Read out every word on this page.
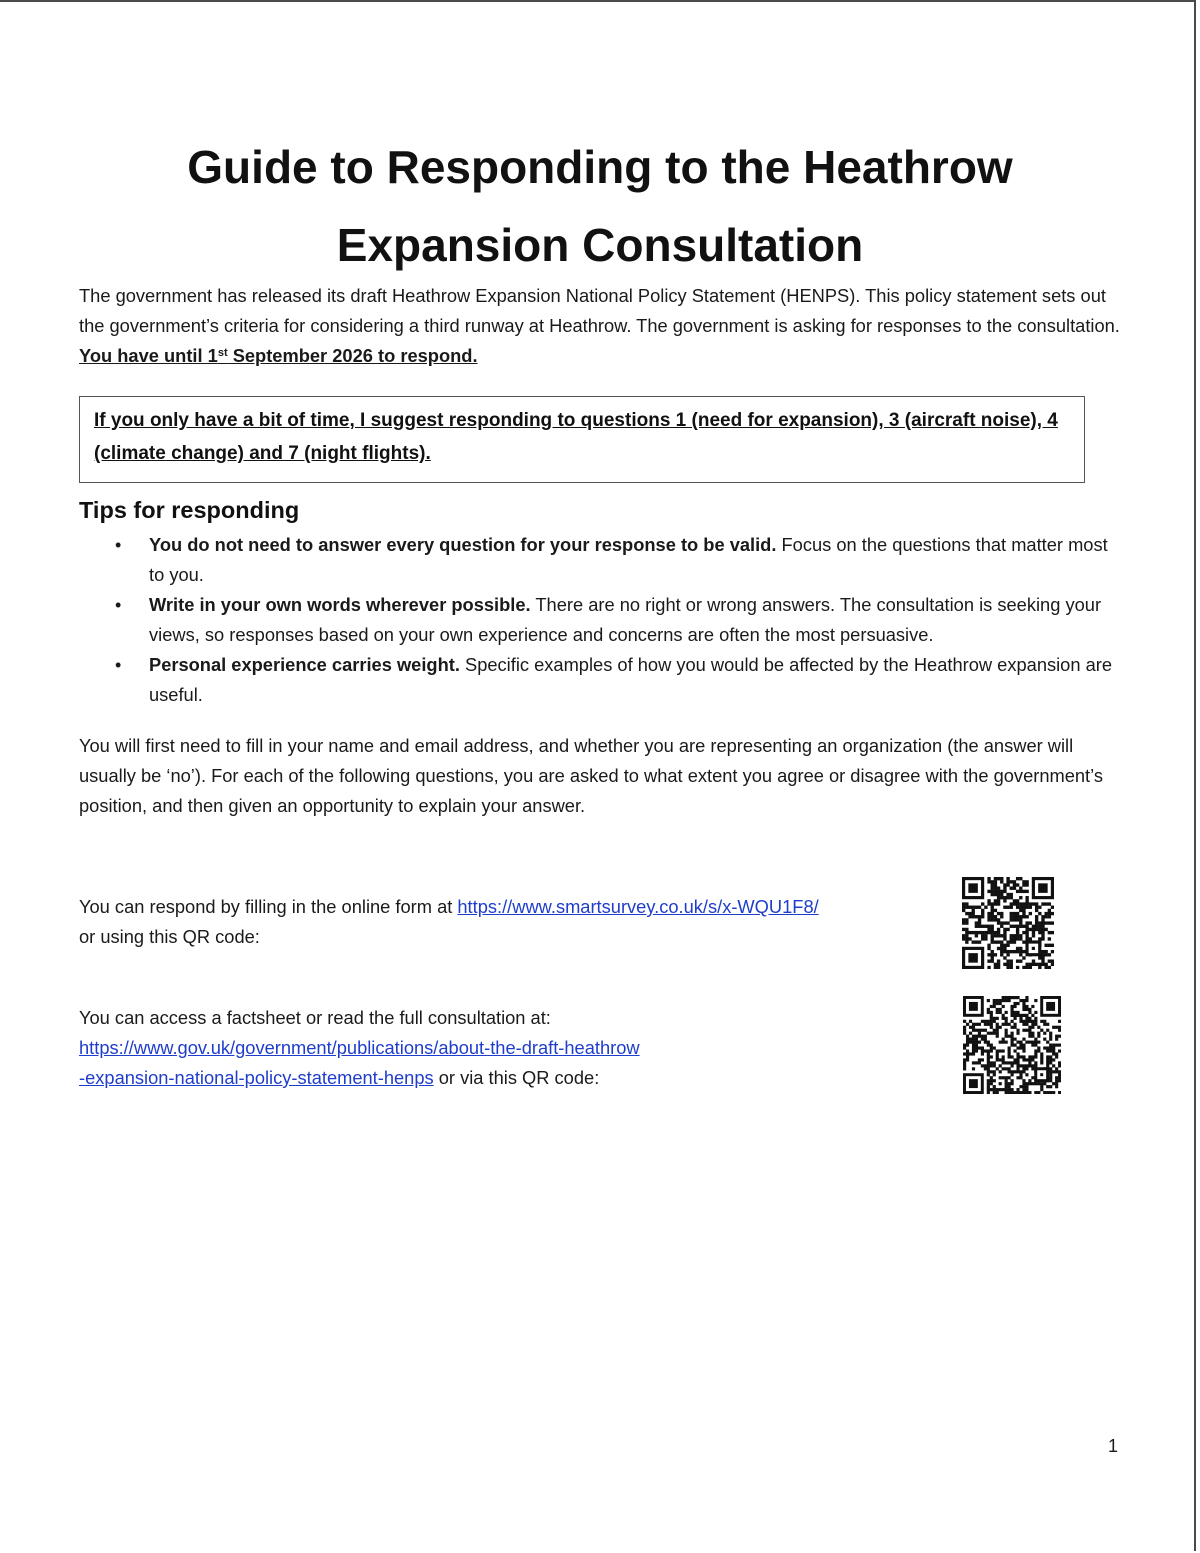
Guide to Responding to the Heathrow
Expansion Consultation

The government has released its draft Heathrow Expansion National Policy Statement (HENPS). This policy statement sets out the government’s criteria for considering a third runway at Heathrow. The government is asking for responses to the consultation. You have until 1st September 2026 to respond.

If you only have a bit of time, I suggest responding to questions 1 (need for expansion), 3 (aircraft noise), 4 (climate change) and 7 (night flights).
Tips for responding
• You do not need to answer every question for your response to be valid. Focus on the questions that matter most to you.
• Write in your own words wherever possible. There are no right or wrong answers. The consultation is seeking your views, so responses based on your own experience and concerns are often the most persuasive.
• Personal experience carries weight. Specific examples of how you would be affected by the Heathrow expansion are useful.

You will first need to fill in your name and email address, and whether you are representing an organization (the answer will usually be ‘no’). For each of the following questions, you are asked to what extent you agree or disagree with the government’s position, and then given an opportunity to explain your answer.

You can respond by filling in the online form at https://www.smartsurvey.co.uk/s/x-WQU1F8/
or using this QR code:

You can access a factsheet or read the full consultation at:
https://www.gov.uk/government/publications/about-the-draft-heathrow
-expansion-national-policy-statement-henps or via this QR code:

1
